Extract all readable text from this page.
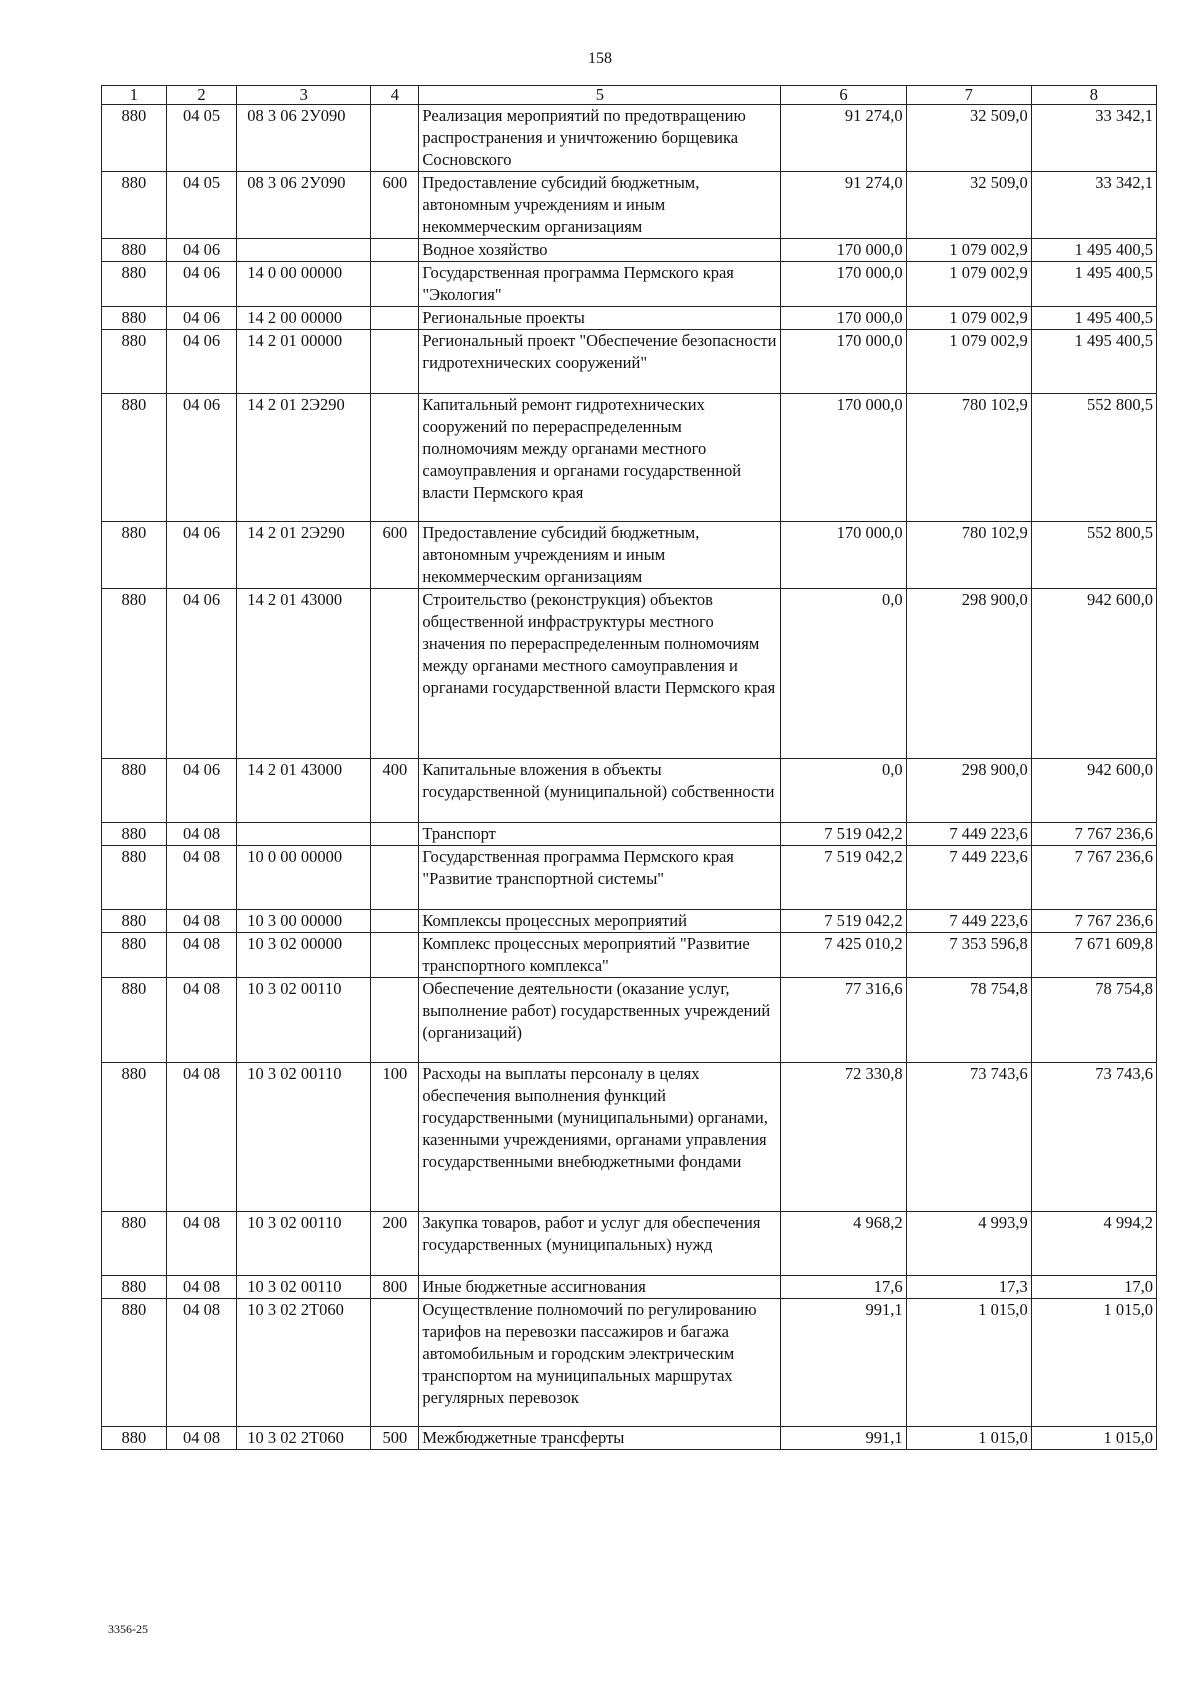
158
1	2	3	4	5	6	7	8
880	04 05	08 3 06 2У090		Реализация мероприятий по предотвращению распространения и уничтожению борщевика Сосновского	91 274,0	32 509,0	33 342,1
880	04 05	08 3 06 2У090	600	Предоставление субсидий бюджетным, автономным учреждениям и иным некоммерческим организациям	91 274,0	32 509,0	33 342,1
880	04 06			Водное хозяйство	170 000,0	1 079 002,9	1 495 400,5
880	04 06	14 0 00 00000		Государственная программа Пермского края "Экология"	170 000,0	1 079 002,9	1 495 400,5
880	04 06	14 2 00 00000		Региональные проекты	170 000,0	1 079 002,9	1 495 400,5
880	04 06	14 2 01 00000		Региональный проект "Обеспечение безопасности гидротехнических сооружений"	170 000,0	1 079 002,9	1 495 400,5
880	04 06	14 2 01 2Э290		Капитальный ремонт гидротехнических сооружений по перераспределенным полномочиям между органами местного самоуправления и органами государственной власти Пермского края	170 000,0	780 102,9	552 800,5
880	04 06	14 2 01 2Э290	600	Предоставление субсидий бюджетным, автономным учреждениям и иным некоммерческим организациям	170 000,0	780 102,9	552 800,5
880	04 06	14 2 01 43000		Строительство (реконструкция) объектов общественной инфраструктуры местного значения по перераспределенным полномочиям между органами местного самоуправления и органами государственной власти Пермского края	0,0	298 900,0	942 600,0
880	04 06	14 2 01 43000	400	Капитальные вложения в объекты государственной (муниципальной) собственности	0,0	298 900,0	942 600,0
880	04 08			Транспорт	7 519 042,2	7 449 223,6	7 767 236,6
880	04 08	10 0 00 00000		Государственная программа Пермского края "Развитие транспортной системы"	7 519 042,2	7 449 223,6	7 767 236,6
880	04 08	10 3 00 00000		Комплексы процессных мероприятий	7 519 042,2	7 449 223,6	7 767 236,6
880	04 08	10 3 02 00000		Комплекс процессных мероприятий "Развитие транспортного комплекса"	7 425 010,2	7 353 596,8	7 671 609,8
880	04 08	10 3 02 00110		Обеспечение деятельности (оказание услуг, выполнение работ) государственных учреждений (организаций)	77 316,6	78 754,8	78 754,8
880	04 08	10 3 02 00110	100	Расходы на выплаты персоналу в целях обеспечения выполнения функций государственными (муниципальными) органами, казенными учреждениями, органами управления государственными внебюджетными фондами	72 330,8	73 743,6	73 743,6
880	04 08	10 3 02 00110	200	Закупка товаров, работ и услуг для обеспечения государственных (муниципальных) нужд	4 968,2	4 993,9	4 994,2
880	04 08	10 3 02 00110	800	Иные бюджетные ассигнования	17,6	17,3	17,0
880	04 08	10 3 02 2Т060		Осуществление полномочий по регулированию тарифов на перевозки пассажиров и багажа автомобильным и городским электрическим транспортом на муниципальных маршрутах регулярных перевозок	991,1	1 015,0	1 015,0
880	04 08	10 3 02 2Т060	500	Межбюджетные трансферты	991,1	1 015,0	1 015,0
3356-25
